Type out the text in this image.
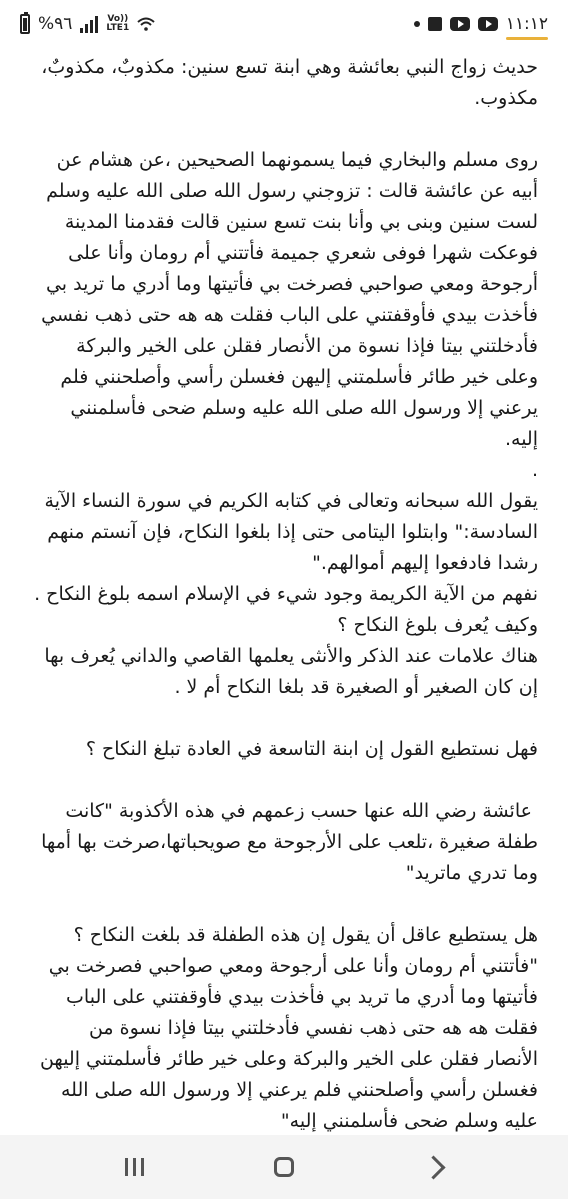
%٩٦	Vo))
LTE1	١١:١٢

حديث زواج النبي بعائشة وهي ابنة تسع سنين: مكذوبٌ، مكذوبٌ، مكذوب.

روى مسلم والبخاري فيما يسمونهما الصحيحين ،عن هشام عن أبيه عن عائشة قالت : تزوجني رسول الله صلى الله عليه وسلم لست سنين وبنى بي وأنا بنت تسع سنين قالت فقدمنا المدينة فوعكت شهرا فوفى شعري جميمة فأتتني أم رومان وأنا على أرجوحة ومعي صواحبي فصرخت بي فأتيتها وما أدري ما تريد بي فأخذت بيدي فأوقفتني على الباب فقلت هه هه حتى ذهب نفسي فأدخلتني بيتا فإذا نسوة من الأنصار فقلن على الخير والبركة وعلى خير طائر فأسلمتني إليهن فغسلن رأسي وأصلحنني فلم يرعني إلا ورسول الله صلى الله عليه وسلم ضحى فأسلمنني إليه.

.

يقول الله سبحانه وتعالى في كتابه الكريم في سورة النساء الآية السادسة:" وابتلوا اليتامى حتى إذا بلغوا النكاح، فإن آنستم منهم رشدا فادفعوا إليهم أموالهم."

نفهم من الآية الكريمة وجود شيء في الإسلام اسمه بلوغ النكاح .

وكيف يُعرف بلوغ النكاح ؟

هناك علامات عند الذكر والأنثى يعلمها القاصي والداني يُعرف بها إن كان الصغير أو الصغيرة قد بلغا النكاح أم لا .

فهل نستطيع القول إن ابنة التاسعة في العادة تبلغ النكاح ؟

عائشة رضي الله عنها حسب زعمهم في هذه الأكذوبة "كانت طفلة صغيرة ،تلعب على الأرجوحة مع صويحباتها،صرخت بها أمها وما تدري ماتريد"

هل يستطيع عاقل أن يقول إن هذه الطفلة قد بلغت النكاح ؟ "فأتتني أم رومان وأنا على أرجوحة ومعي صواحبي فصرخت بي فأتيتها وما أدري ما تريد بي فأخذت بيدي فأوقفتني على الباب فقلت هه هه حتى ذهب نفسي فأدخلتني بيتا فإذا نسوة من الأنصار فقلن على الخير والبركة وعلى خير طائر فأسلمتني إليهن فغسلن رأسي وأصلحنني فلم يرعني إلا ورسول الله صلى الله عليه وسلم ضحى فأسلمنني إليه"
